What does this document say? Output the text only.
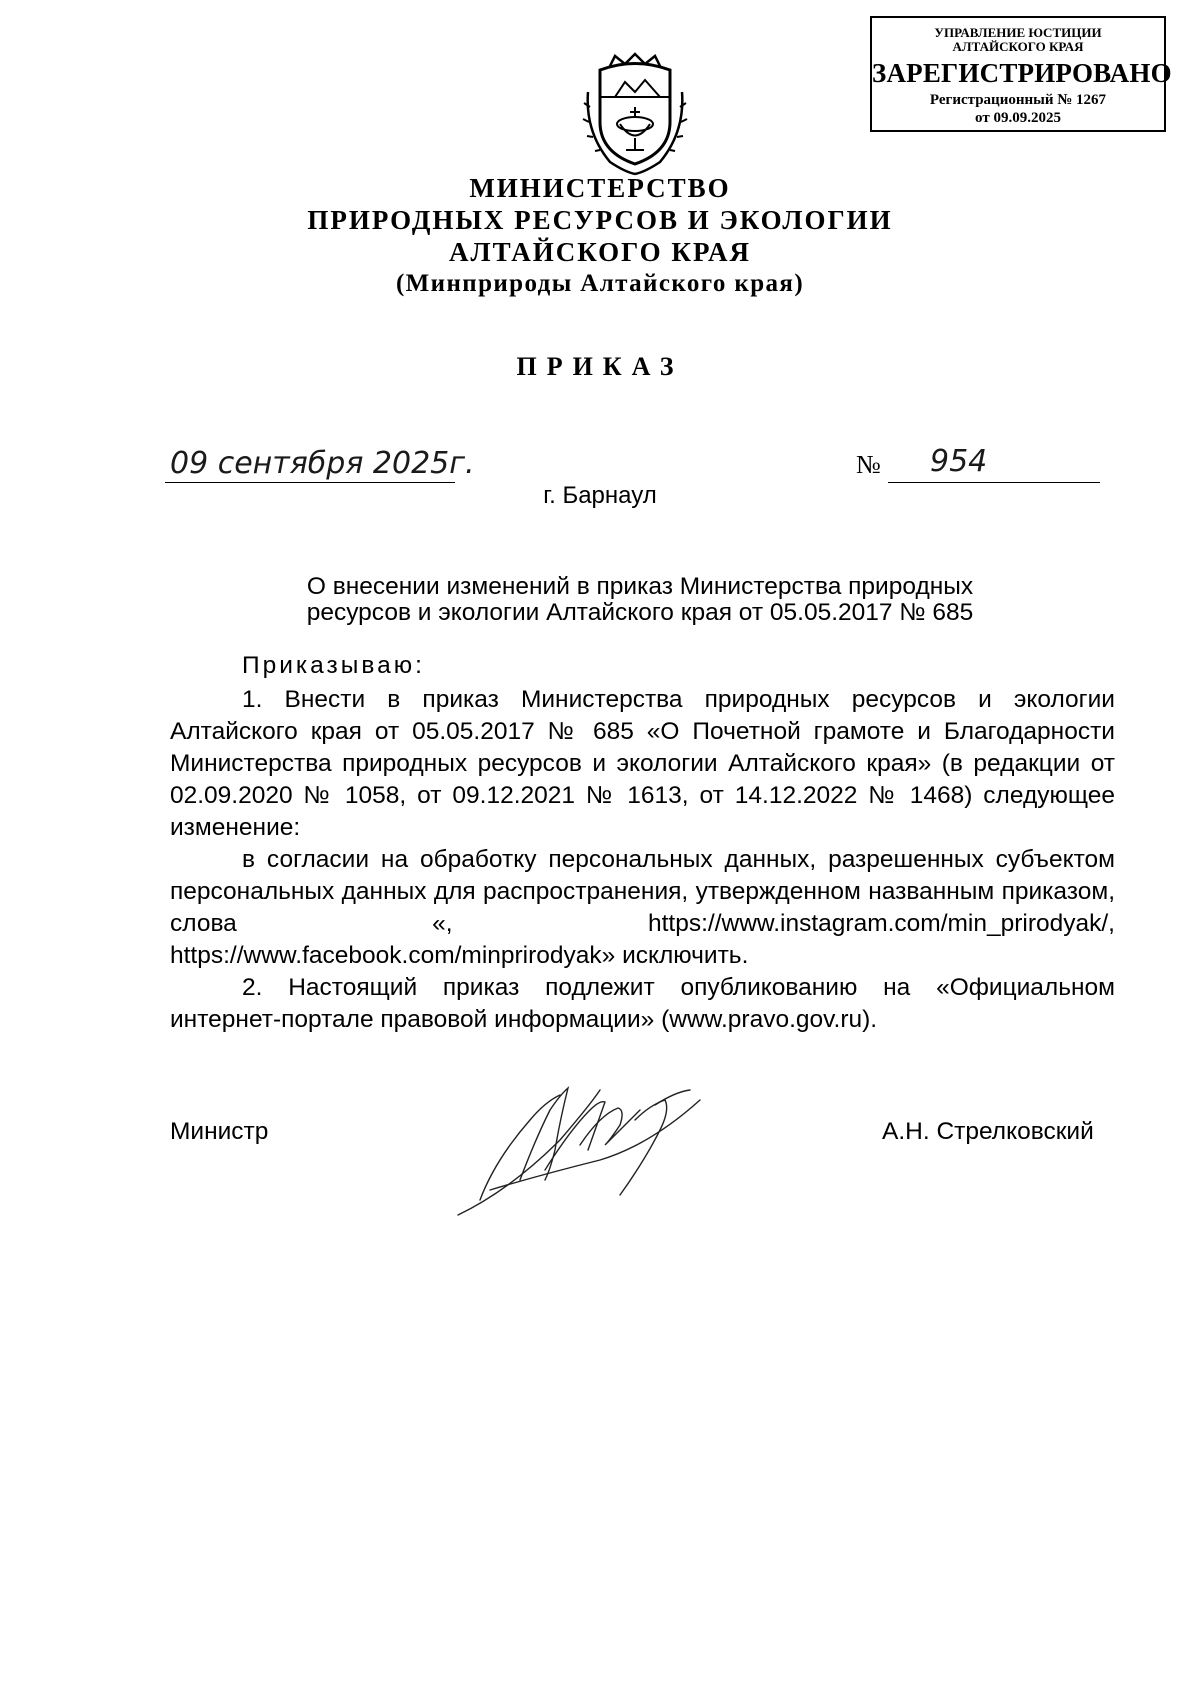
УПРАВЛЕНИЕ ЮСТИЦИИ АЛТАЙСКОГО КРАЯ
ЗАРЕГИСТРИРОВАНО
Регистрационный № 1267
от 09.09.2025
МИНИСТЕРСТВО
ПРИРОДНЫХ РЕСУРСОВ И ЭКОЛОГИИ
АЛТАЙСКОГО КРАЯ
(Минприроды Алтайского края)
ПРИКАЗ
09 сентября 2025г.	№ 954
г. Барнаул
О внесении изменений в приказ Министерства природных
ресурсов и экологии Алтайского края от 05.05.2017 № 685
Приказываю:

1. Внести в приказ Министерства природных ресурсов и экологии Алтайского края от 05.05.2017 № 685 «О Почетной грамоте и Благодарности Министерства природных ресурсов и экологии Алтайского края» (в редакции от 02.09.2020 № 1058, от 09.12.2021 № 1613, от 14.12.2022 № 1468) следующее изменение:

в согласии на обработку персональных данных, разрешенных субъектом персональных данных для распространения, утвержденном названным приказом, слова «, https://www.instagram.com/min_prirodyak/, https://www.facebook.com/minprirodyak» исключить.

2. Настоящий приказ подлежит опубликованию на «Официальном интернет-портале правовой информации» (www.pravo.gov.ru).

Министр	А.Н. Стрелковский
